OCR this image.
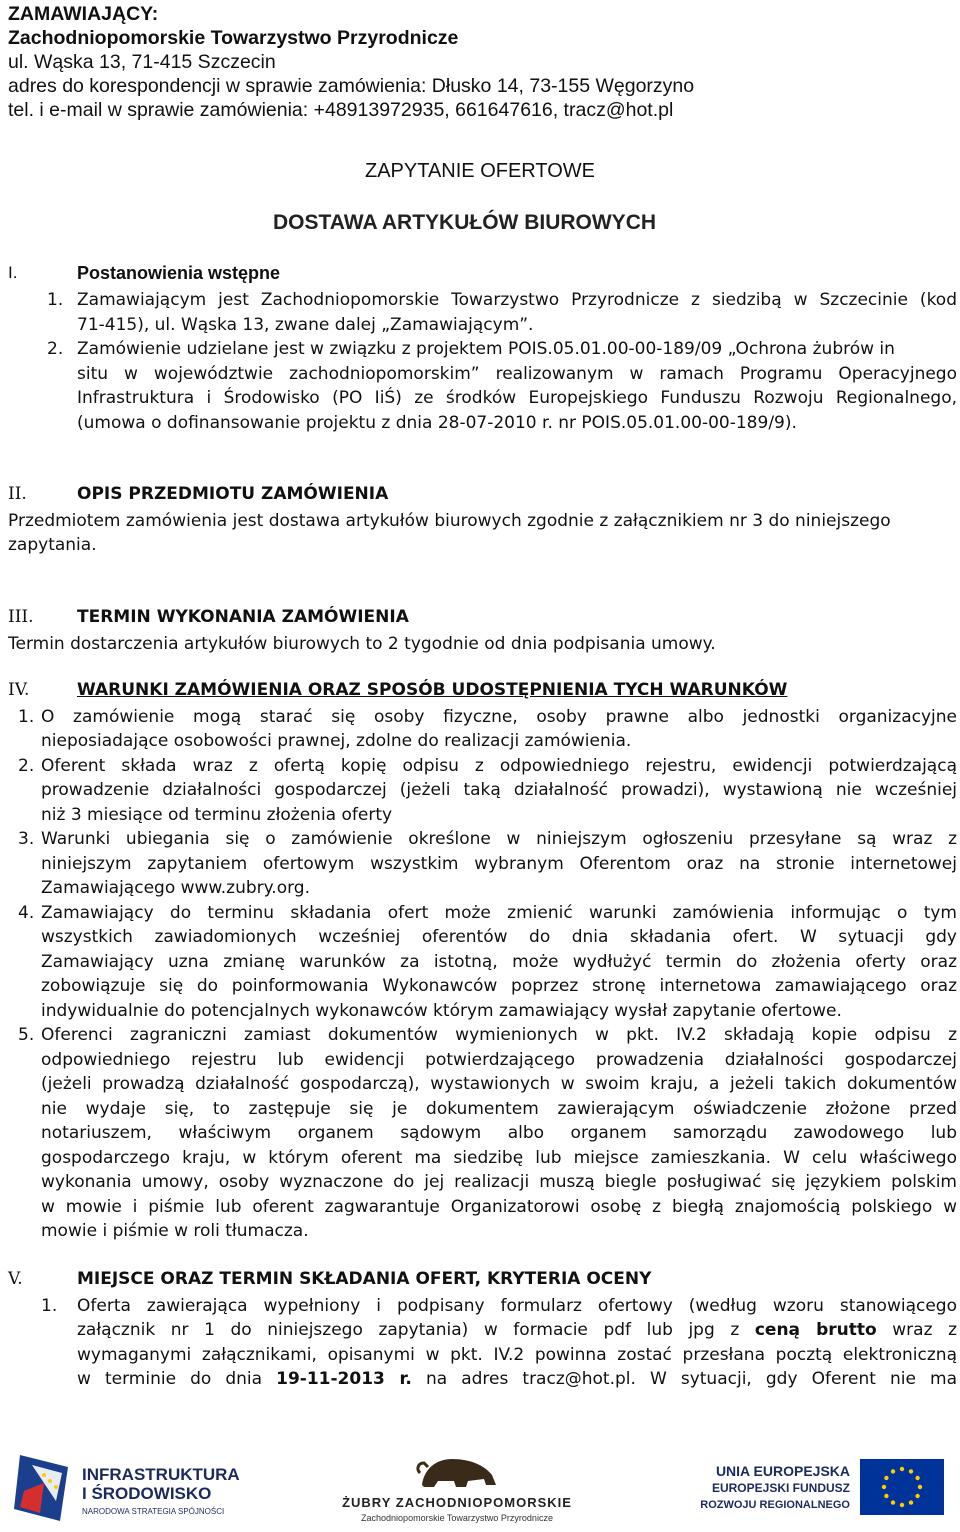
ZAMAWIAJĄCY:
Zachodniopomorskie Towarzystwo Przyrodnicze
ul. Wąska 13, 71-415 Szczecin
adres do korespondencji w sprawie zamówienia: Dłusko 14, 73-155 Węgorzyno
tel. i e-mail w sprawie zamówienia: +48913972935, 661647616, tracz@hot.pl
ZAPYTANIE OFERTOWE
DOSTAWA ARTYKUŁÓW BIUROWYCH
I.	Postanowienia wstępne
1. Zamawiającym jest Zachodniopomorskie Towarzystwo Przyrodnicze z siedzibą w Szczecinie (kod
71-415), ul. Wąska 13, zwane dalej „Zamawiającym”.
2. Zamówienie udzielane jest w związku z projektem POIS.05.01.00-00-189/09 „Ochrona żubrów in
situ w województwie zachodniopomorskim” realizowanym w ramach Programu Operacyjnego
Infrastruktura i Środowisko (PO IiŚ) ze środków Europejskiego Funduszu Rozwoju Regionalnego,
(umowa o dofinansowanie projektu z dnia 28-07-2010 r. nr POIS.05.01.00-00-189/9).
II.	OPIS PRZEDMIOTU ZAMÓWIENIA
Przedmiotem zamówienia jest dostawa artykułów biurowych zgodnie z załącznikiem nr 3 do niniejszego
zapytania.
III.	TERMIN WYKONANIA ZAMÓWIENIA
Termin dostarczenia artykułów biurowych to 2 tygodnie od dnia podpisania umowy.
IV.	WARUNKI ZAMÓWIENIA ORAZ SPOSÓB UDOSTĘPNIENIA TYCH WARUNKÓW
1. O zamówienie mogą starać się osoby fizyczne, osoby prawne albo jednostki organizacyjne
nieposiadające osobowości prawnej, zdolne do realizacji zamówienia.
2. Oferent składa wraz z ofertą kopię odpisu z odpowiedniego rejestru, ewidencji potwierdzającą
prowadzenie działalności gospodarczej (jeżeli taką działalność prowadzi), wystawioną nie wcześniej
niż 3 miesiące od terminu złożenia oferty
3. Warunki ubiegania się o zamówienie określone w niniejszym ogłoszeniu przesyłane są wraz z
niniejszym zapytaniem ofertowym wszystkim wybranym Oferentom oraz na stronie internetowej
Zamawiającego www.zubry.org.
4. Zamawiający do terminu składania ofert może zmienić warunki zamówienia informując o tym
wszystkich zawiadomionych wcześniej oferentów do dnia składania ofert. W sytuacji gdy
Zamawiający uzna zmianę warunków za istotną, może wydłużyć termin do złożenia oferty oraz
zobowiązuje się do poinformowania Wykonawców poprzez stronę internetowa zamawiającego oraz
indywidualnie do potencjalnych wykonawców którym zamawiający wysłał zapytanie ofertowe.
5. Oferenci zagraniczni zamiast dokumentów wymienionych w pkt. IV.2 składają kopie odpisu z
odpowiedniego rejestru lub ewidencji potwierdzającego prowadzenia działalności gospodarczej
(jeżeli prowadzą działalność gospodarczą), wystawionych w swoim kraju, a jeżeli takich dokumentów
nie wydaje się, to zastępuje się je dokumentem zawierającym oświadczenie złożone przed
notariuszem, właściwym organem sądowym albo organem samorządu zawodowego lub
gospodarczego kraju, w którym oferent ma siedzibę lub miejsce zamieszkania. W celu właściwego
wykonania umowy, osoby wyznaczone do jej realizacji muszą biegle posługiwać się językiem polskim
w mowie i piśmie lub oferent zagwarantuje Organizatorowi osobę z biegłą znajomością polskiego w
mowie i piśmie w roli tłumacza.
V.	MIEJSCE ORAZ TERMIN SKŁADANIA OFERT, KRYTERIA OCENY
1. Oferta zawierająca wypełniony i podpisany formularz ofertowy (według wzoru stanowiącego
załącznik nr 1 do niniejszego zapytania) w formacie pdf lub jpg z ceną brutto wraz z
wymaganymi załącznikami, opisanymi w pkt. IV.2 powinna zostać przesłana pocztą elektroniczną
w terminie do dnia 19-11-2013 r. na adres tracz@hot.pl. W sytuacji, gdy Oferent nie ma
INFRASTRUKTURA
I ŚRODOWISKO
NARODOWA STRATEGIA SPÓJNOŚCI
ŻUBRY ZACHODNIOPOMORSKIE
Zachodniopomorskie Towarzystwo Przyrodnicze
UNIA EUROPEJSKA
EUROPEJSKI FUNDUSZ
ROZWOJU REGIONALNEGO
